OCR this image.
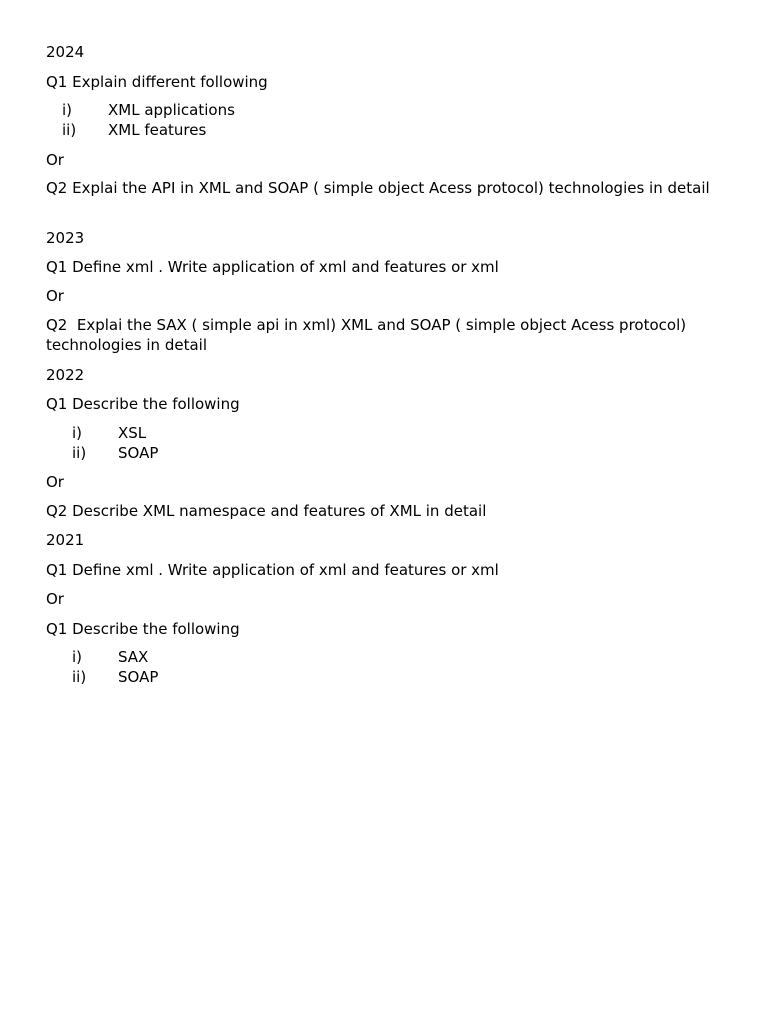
2024

Q1 Explain different following

i) XML applications
ii) XML features

Or

Q2 Explai the API in XML and SOAP ( simple object Acess protocol) technologies in detail

2023

Q1 Define xml . Write application of xml and features or xml

Or

Q2  Explai the SAX ( simple api in xml) XML and SOAP ( simple object Acess protocol) technologies in detail

2022

Q1 Describe the following

i) XSL
ii) SOAP

Or

Q2 Describe XML namespace and features of XML in detail

2021

Q1 Define xml . Write application of xml and features or xml

Or

Q1 Describe the following

i) SAX
ii) SOAP
